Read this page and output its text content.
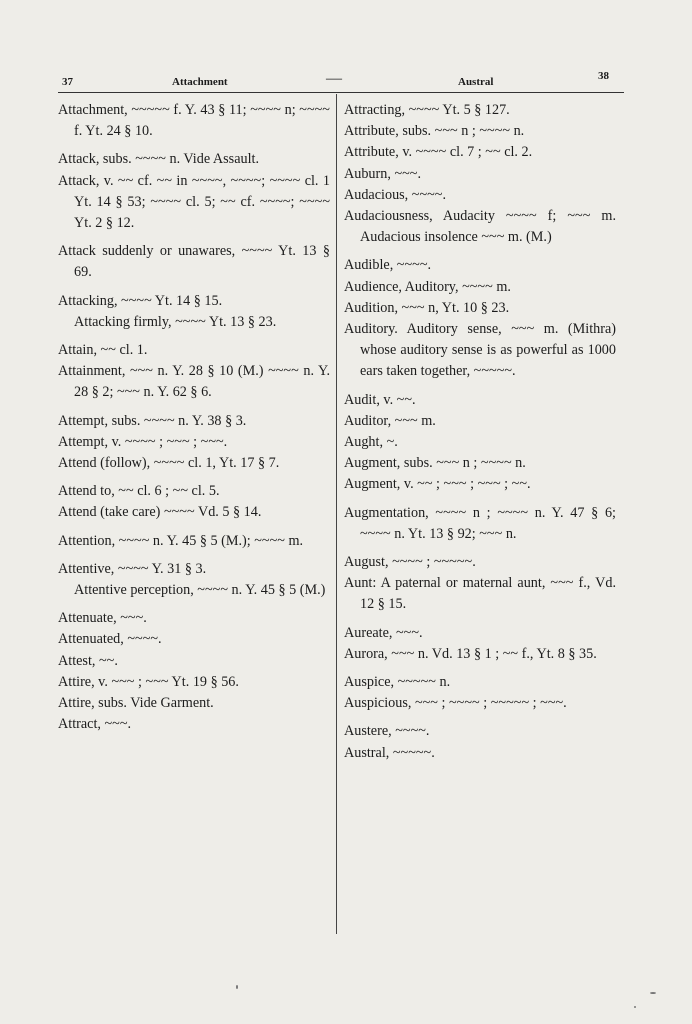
37	Attachment	—	Austral	38

Attachment, ~~~~~ f. Y. 43 § 11; ~~~~ n; ~~~~ f. Yt. 24 § 10.

Attack, subs. ~~~~ n. Vide Assault.

Attack, v. ~~ cf. ~~ in ~~~~, ~~~~; ~~~~ cl. 1 Yt. 14 § 53; ~~~~ cl. 5; ~~ cf. ~~~~; ~~~~ Yt. 2 § 12.

Attack suddenly or unawares, ~~~~ Yt. 13 § 69.

Attacking, ~~~~ Yt. 14 § 15.

Attacking firmly, ~~~~ Yt. 13 § 23.

Attain, ~~ cl. 1.

Attainment, ~~~ n. Y. 28 § 10 (M.) ~~~~ n. Y. 28 § 2; ~~~ n. Y. 62 § 6.

Attempt, subs. ~~~~ n. Y. 38 § 3.

Attempt, v. ~~~~ ; ~~~ ; ~~~.

Attend (follow), ~~~~ cl. 1, Yt. 17 § 7.

Attend to, ~~ cl. 6 ; ~~ cl. 5.

Attend (take care) ~~~~ Vd. 5 § 14.

Attention, ~~~~ n. Y. 45 § 5 (M.); ~~~~ m.

Attentive, ~~~~ Y. 31 § 3.

Attentive perception, ~~~~ n. Y. 45 § 5 (M.)

Attenuate, ~~~.

Attenuated, ~~~~.

Attest, ~~.

Attire, v. ~~~ ; ~~~ Yt. 19 § 56.

Attire, subs. Vide Garment.

Attract, ~~~.

Attracting, ~~~~ Yt. 5 § 127.

Attribute, subs. ~~~ n ; ~~~~ n.

Attribute, v. ~~~~ cl. 7 ; ~~ cl. 2.

Auburn, ~~~.

Audacious, ~~~~.

Audaciousness, Audacity ~~~~ f; ~~~ m. Audacious insolence ~~~ m. (M.)

Audible, ~~~~.

Audience, Auditory, ~~~~ m.

Audition, ~~~ n, Yt. 10 § 23.

Auditory. Auditory sense, ~~~ m. (Mithra) whose auditory sense is as powerful as 1000 ears taken together, ~~~~~.

Audit, v. ~~.

Auditor, ~~~ m.

Aught, ~.

Augment, subs. ~~~ n ; ~~~~ n.

Augment, v. ~~ ; ~~~ ; ~~~ ; ~~.

Augmentation, ~~~~ n ; ~~~~ n. Y. 47 § 6; ~~~~ n. Yt. 13 § 92; ~~~ n.

August, ~~~~ ; ~~~~~.

Aunt: A paternal or maternal aunt, ~~~ f., Vd. 12 § 15.

Aureate, ~~~.

Aurora, ~~~ n. Vd. 13 § 1 ; ~~ f., Yt. 8 § 35.

Auspice, ~~~~~ n.

Auspicious, ~~~ ; ~~~~ ; ~~~~~ ; ~~~.

Austere, ~~~~.

Austral, ~~~~~.
